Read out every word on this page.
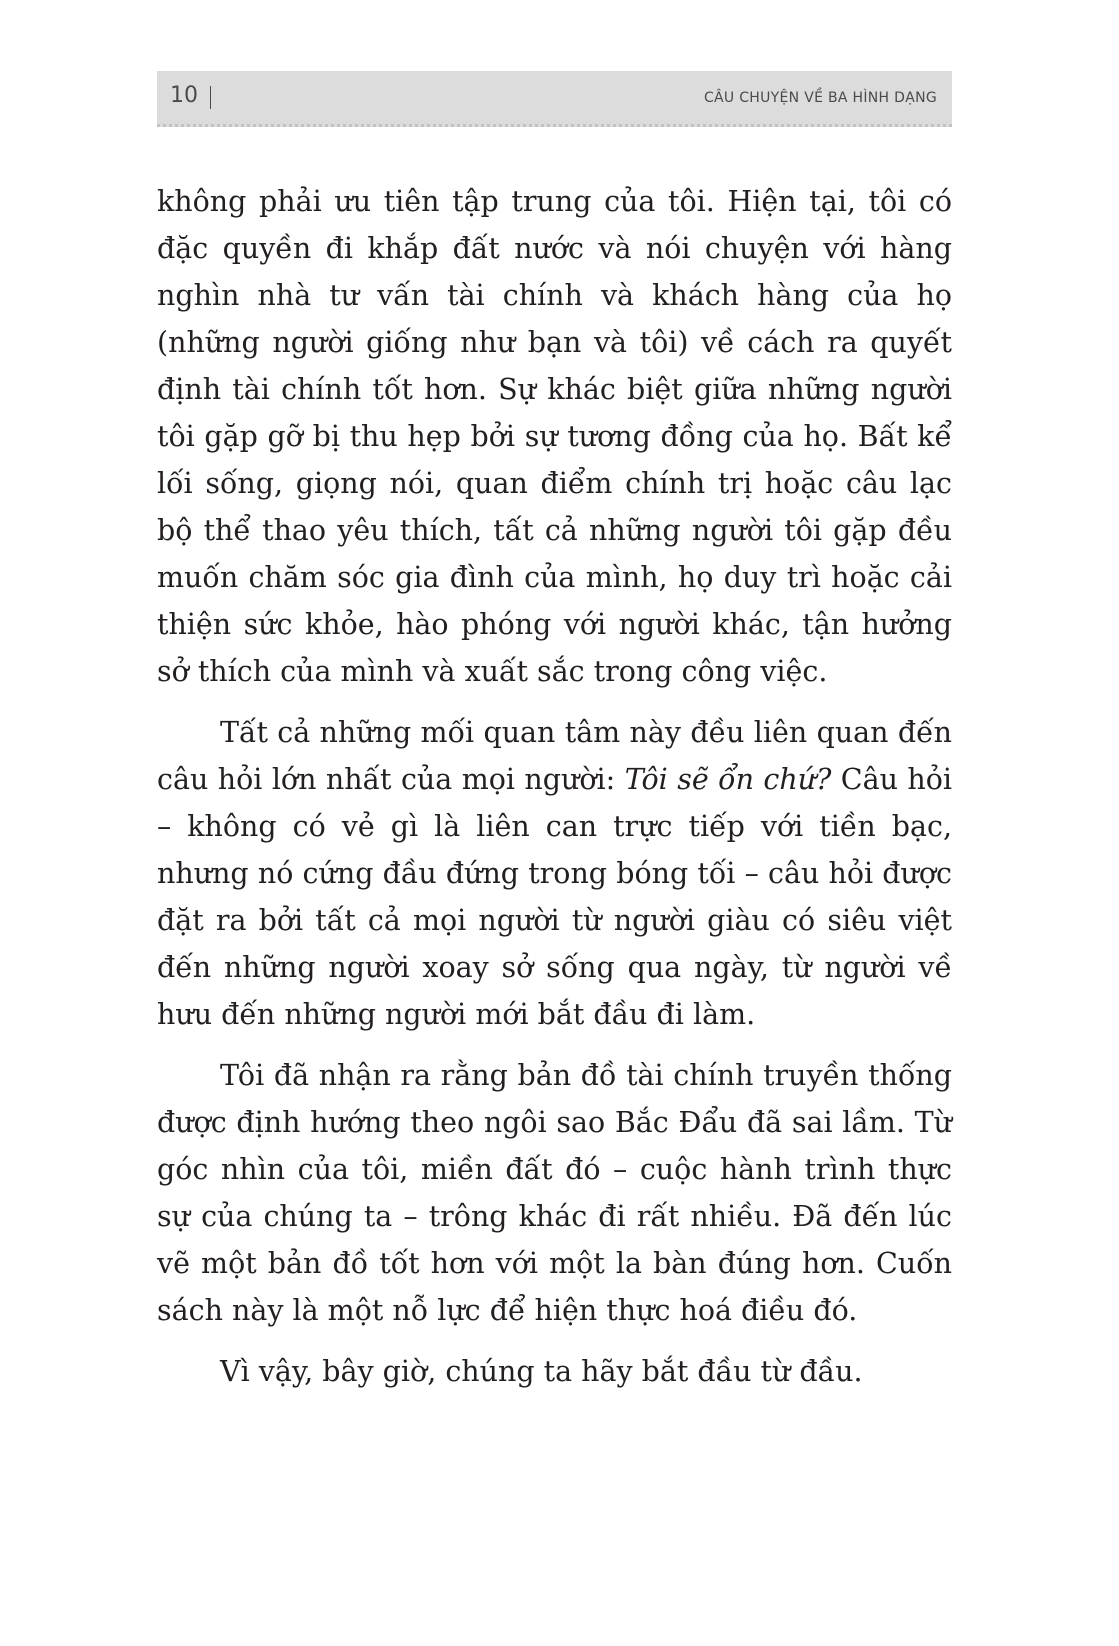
10	CÂU CHUYỆN VỀ BA HÌNH DẠNG

không phải ưu tiên tập trung của tôi. Hiện tại, tôi có đặc quyền đi khắp đất nước và nói chuyện với hàng nghìn nhà tư vấn tài chính và khách hàng của họ (những người giống như bạn và tôi) về cách ra quyết định tài chính tốt hơn. Sự khác biệt giữa những người tôi gặp gỡ bị thu hẹp bởi sự tương đồng của họ. Bất kể lối sống, giọng nói, quan điểm chính trị hoặc câu lạc bộ thể thao yêu thích, tất cả những người tôi gặp đều muốn chăm sóc gia đình của mình, họ duy trì hoặc cải thiện sức khỏe, hào phóng với người khác, tận hưởng sở thích của mình và xuất sắc trong công việc.

Tất cả những mối quan tâm này đều liên quan đến câu hỏi lớn nhất của mọi người: Tôi sẽ ổn chứ? Câu hỏi – không có vẻ gì là liên can trực tiếp với tiền bạc, nhưng nó cứng đầu đứng trong bóng tối – câu hỏi được đặt ra bởi tất cả mọi người từ người giàu có siêu việt đến những người xoay sở sống qua ngày, từ người về hưu đến những người mới bắt đầu đi làm.

Tôi đã nhận ra rằng bản đồ tài chính truyền thống được định hướng theo ngôi sao Bắc Đẩu đã sai lầm. Từ góc nhìn của tôi, miền đất đó – cuộc hành trình thực sự của chúng ta – trông khác đi rất nhiều. Đã đến lúc vẽ một bản đồ tốt hơn với một la bàn đúng hơn. Cuốn sách này là một nỗ lực để hiện thực hoá điều đó.

Vì vậy, bây giờ, chúng ta hãy bắt đầu từ đầu.
